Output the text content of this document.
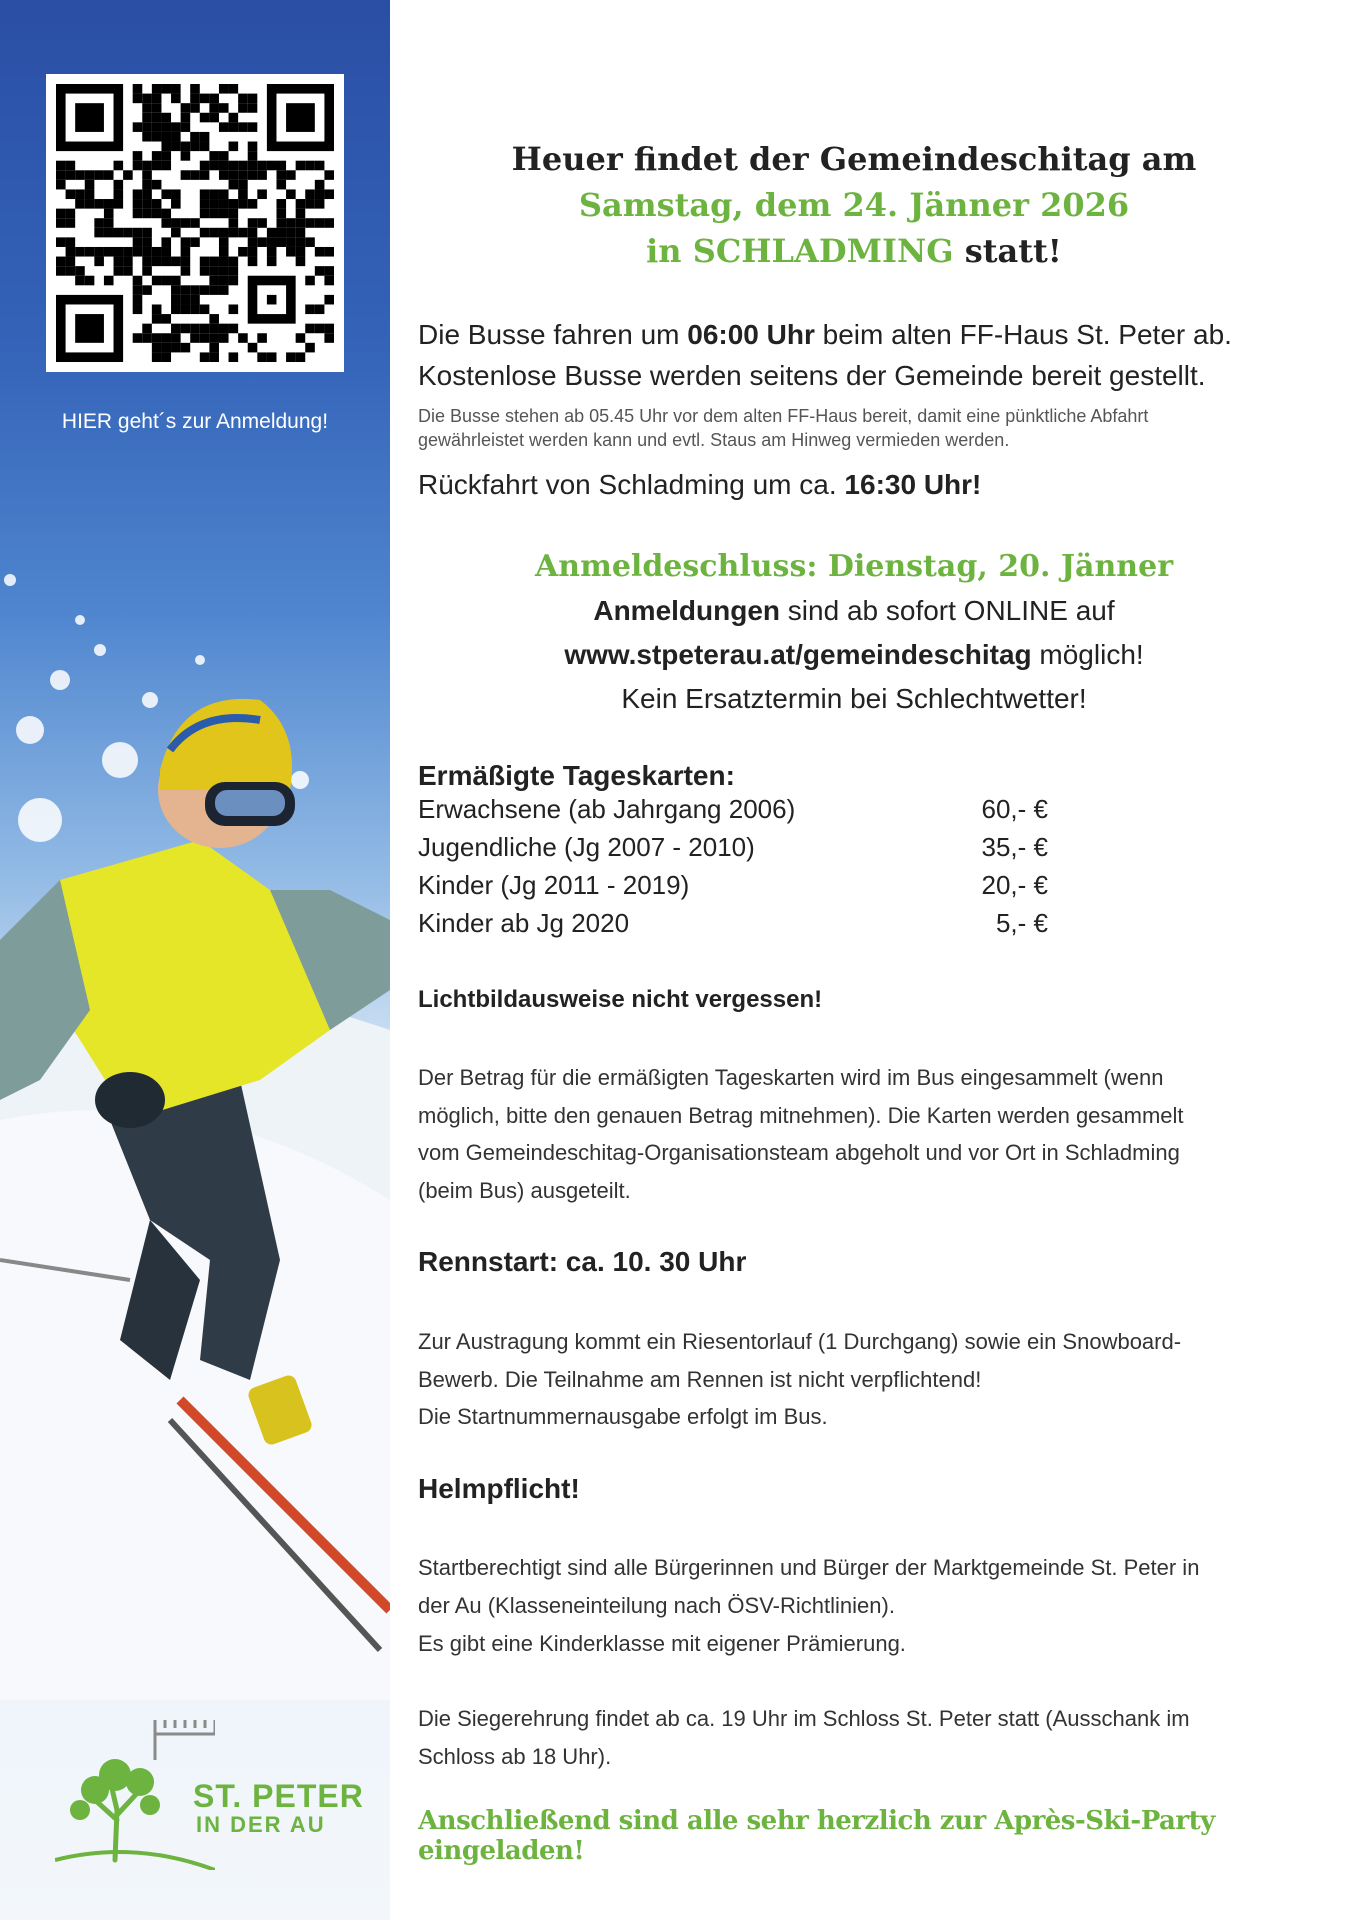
HIER geht´s zur Anmeldung!
ST. PETER
IN DER AU
Heuer findet der Gemeindeschitag am
Samstag, dem 24. Jänner 2026
in SCHLADMING statt!
Die Busse fahren um 06:00 Uhr beim alten FF-Haus St. Peter ab.
Kostenlose Busse werden seitens der Gemeinde bereit gestellt.
Die Busse stehen ab 05.45 Uhr vor dem alten FF-Haus bereit, damit eine pünktliche Abfahrt
gewährleistet werden kann und evtl. Staus am Hinweg vermieden werden.
Rückfahrt von Schladming um ca. 16:30 Uhr!
Anmeldeschluss: Dienstag, 20. Jänner
Anmeldungen sind ab sofort ONLINE auf
www.stpeterau.at/gemeindeschitag möglich!
Kein Ersatztermin bei Schlechtwetter!
Ermäßigte Tageskarten:
Erwachsene (ab Jahrgang 2006)	60,- €
Jugendliche (Jg 2007 - 2010)	35,- €
Kinder (Jg 2011 - 2019)	20,- €
Kinder ab Jg 2020	5,- €
Lichtbildausweise nicht vergessen!
Der Betrag für die ermäßigten Tageskarten wird im Bus eingesammelt (wenn
möglich, bitte den genauen Betrag mitnehmen). Die Karten werden gesammelt
vom Gemeindeschitag-Organisationsteam abgeholt und vor Ort in Schladming
(beim Bus) ausgeteilt.
Rennstart: ca. 10. 30 Uhr
Zur Austragung kommt ein Riesentorlauf (1 Durchgang) sowie ein Snowboard-
Bewerb. Die Teilnahme am Rennen ist nicht verpflichtend!
Die Startnummernausgabe erfolgt im Bus.
Helmpflicht!
Startberechtigt sind alle Bürgerinnen und Bürger der Marktgemeinde St. Peter in
der Au (Klasseneinteilung nach ÖSV-Richtlinien).
Es gibt eine Kinderklasse mit eigener Prämierung.
Die Siegerehrung findet ab ca. 19 Uhr im Schloss St. Peter statt (Ausschank im
Schloss ab 18 Uhr).
Anschließend sind alle sehr herzlich zur Après-Ski-Party eingeladen!
